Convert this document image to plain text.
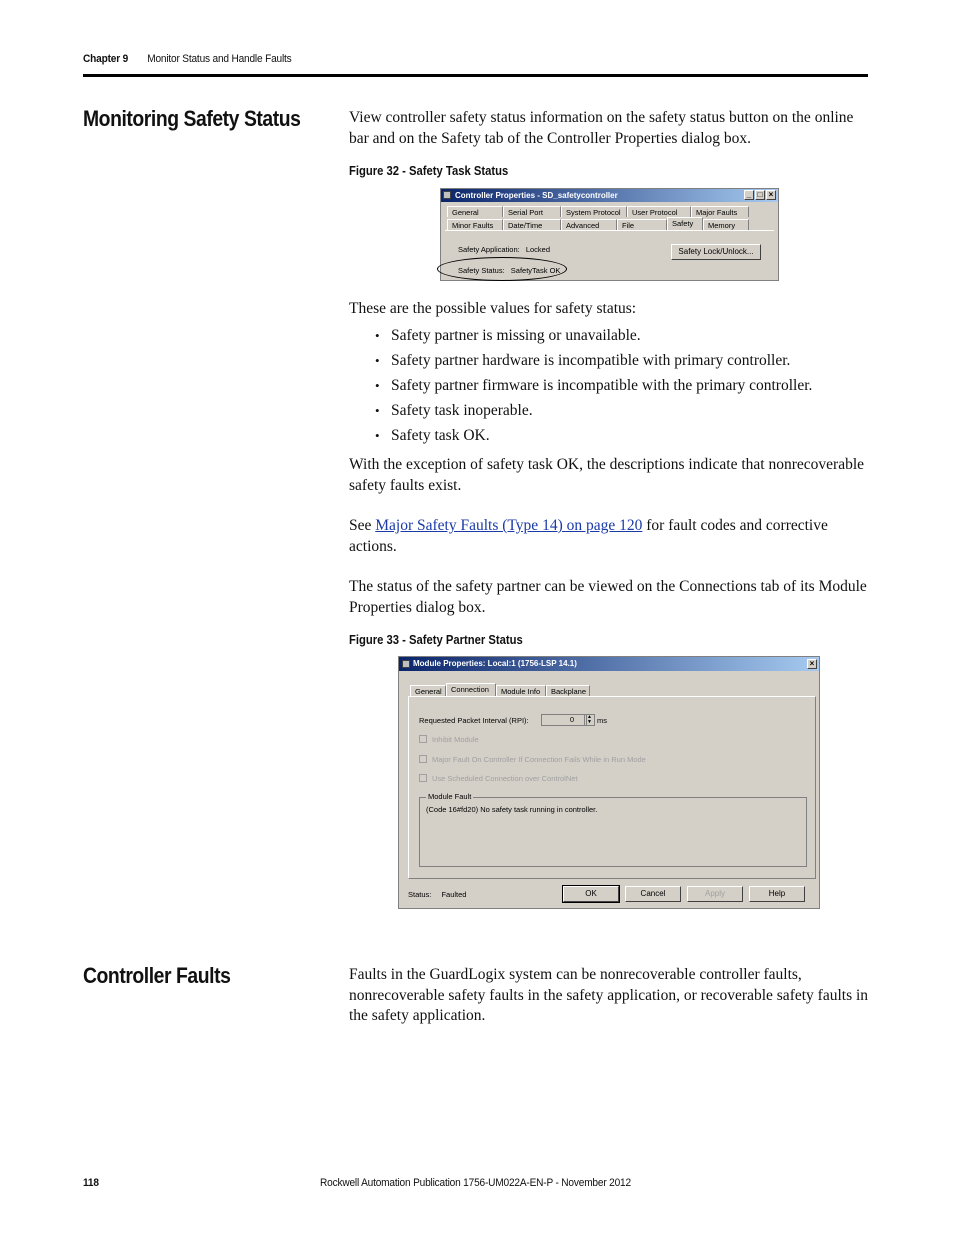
Chapter 9 Monitor Status and Handle Faults
Monitoring Safety Status	View controller safety status information on the safety status button on the online bar and on the Safety tab of the Controller Properties dialog box.
Figure 32 - Safety Task Status
Controller Properties - SD_safetycontroller	_ □ ×
General	Serial Port	System Protocol	User Protocol	Major Faults
Minor Faults	Date/Time	Advanced	File	Safety	Memory
Safety Application: Locked
Safety Status: SafetyTask OK
Safety Lock/Unlock...
These are the possible values for safety status:
• Safety partner is missing or unavailable.
• Safety partner hardware is incompatible with primary controller.
• Safety partner firmware is incompatible with the primary controller.
• Safety task inoperable.
• Safety task OK.
With the exception of safety task OK, the descriptions indicate that nonrecoverable safety faults exist.
See Major Safety Faults (Type 14) on page 120 for fault codes and corrective actions.
The status of the safety partner can be viewed on the Connections tab of its Module Properties dialog box.
Figure 33 - Safety Partner Status
Module Properties: Local:1 (1756-LSP 14.1)	×
General	Connection	Module Info	Backplane
Requested Packet Interval (RPI):	0	▲
▼ ms
Inhibit Module
Major Fault On Controller If Connection Fails While in Run Mode
Use Scheduled Connection over ControlNet
Module Fault
(Code 16#fd20) No safety task running in controller.
Status: Faulted	OK	Cancel	Apply	Help
Controller Faults	Faults in the GuardLogix system can be nonrecoverable controller faults, nonrecoverable safety faults in the safety application, or recoverable safety faults in the safety application.
118	Rockwell Automation Publication 1756-UM022A-EN-P - November 2012
